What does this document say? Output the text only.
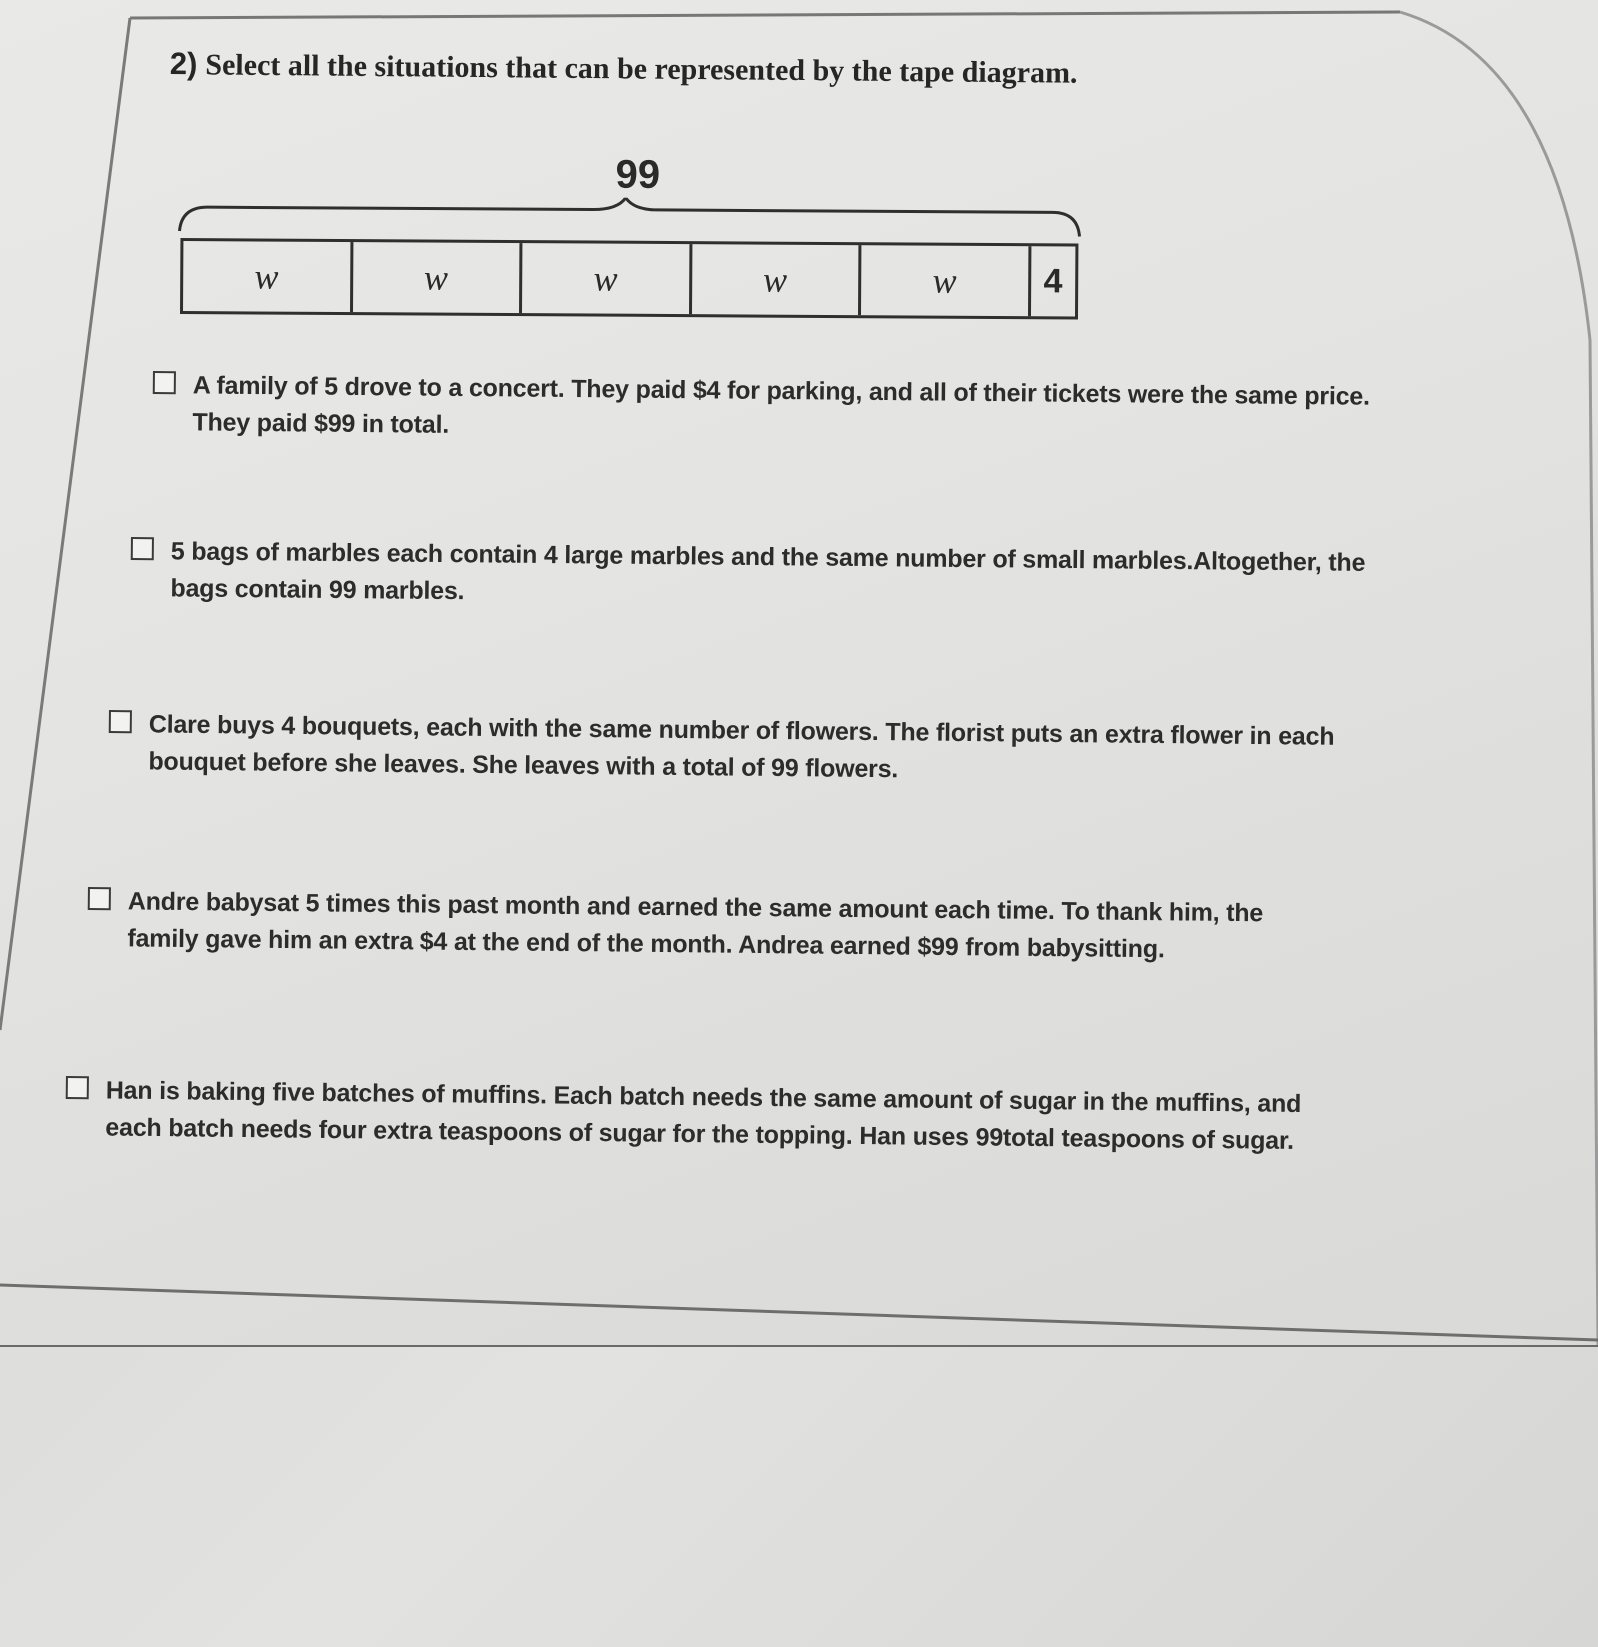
2) Select all the situations that can be represented by the tape diagram.
99
w	w	w	w	w	4
A family of 5 drove to a concert. They paid $4 for parking, and all of their tickets were the same price.
They paid $99 in total.
5 bags of marbles each contain 4 large marbles and the same number of small marbles.Altogether, the
bags contain 99 marbles.
Clare buys 4 bouquets, each with the same number of flowers. The florist puts an extra flower in each
bouquet before she leaves. She leaves with a total of 99 flowers.
Andre babysat 5 times this past month and earned the same amount each time. To thank him, the
family gave him an extra $4 at the end of the month. Andrea earned $99 from babysitting.
Han is baking five batches of muffins. Each batch needs the same amount of sugar in the muffins, and
each batch needs four extra teaspoons of sugar for the topping. Han uses 99total teaspoons of sugar.
